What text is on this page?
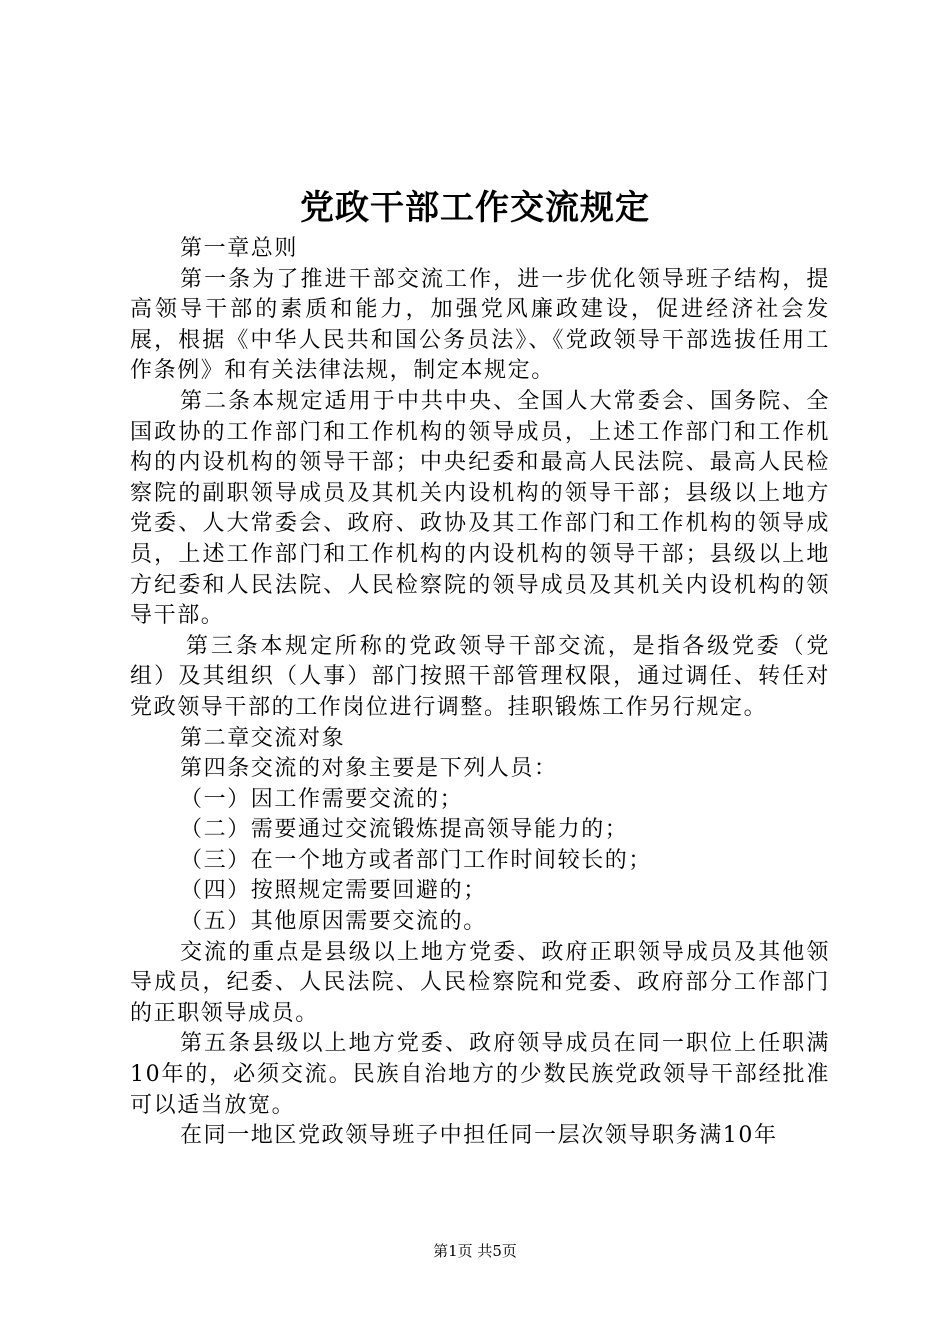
党政干部工作交流规定

第一章总则

第一条为了推进干部交流工作，进一步优化领导班子结构，提高领导干部的素质和能力，加强党风廉政建设，促进经济社会发展，根据《中华人民共和国公务员法》、《党政领导干部选拔任用工作条例》和有关法律法规，制定本规定。

第二条本规定适用于中共中央、全国人大常委会、国务院、全国政协的工作部门和工作机构的领导成员，上述工作部门和工作机构的内设机构的领导干部；中央纪委和最高人民法院、最高人民检察院的副职领导成员及其机关内设机构的领导干部；县级以上地方党委、人大常委会、政府、政协及其工作部门和工作机构的领导成员，上述工作部门和工作机构的内设机构的领导干部；县级以上地方纪委和人民法院、人民检察院的领导成员及其机关内设机构的领导干部。

第三条本规定所称的党政领导干部交流，是指各级党委（党组）及其组织（人事）部门按照干部管理权限，通过调任、转任对党政领导干部的工作岗位进行调整。挂职锻炼工作另行规定。

第二章交流对象

第四条交流的对象主要是下列人员：

（一）因工作需要交流的；

（二）需要通过交流锻炼提高领导能力的；

（三）在一个地方或者部门工作时间较长的；

（四）按照规定需要回避的；

（五）其他原因需要交流的。

交流的重点是县级以上地方党委、政府正职领导成员及其他领导成员，纪委、人民法院、人民检察院和党委、政府部分工作部门的正职领导成员。

第五条县级以上地方党委、政府领导成员在同一职位上任职满10年的，必须交流。民族自治地方的少数民族党政领导干部经批准可以适当放宽。

在同一地区党政领导班子中担任同一层次领导职务满10年

第1页 共5页
